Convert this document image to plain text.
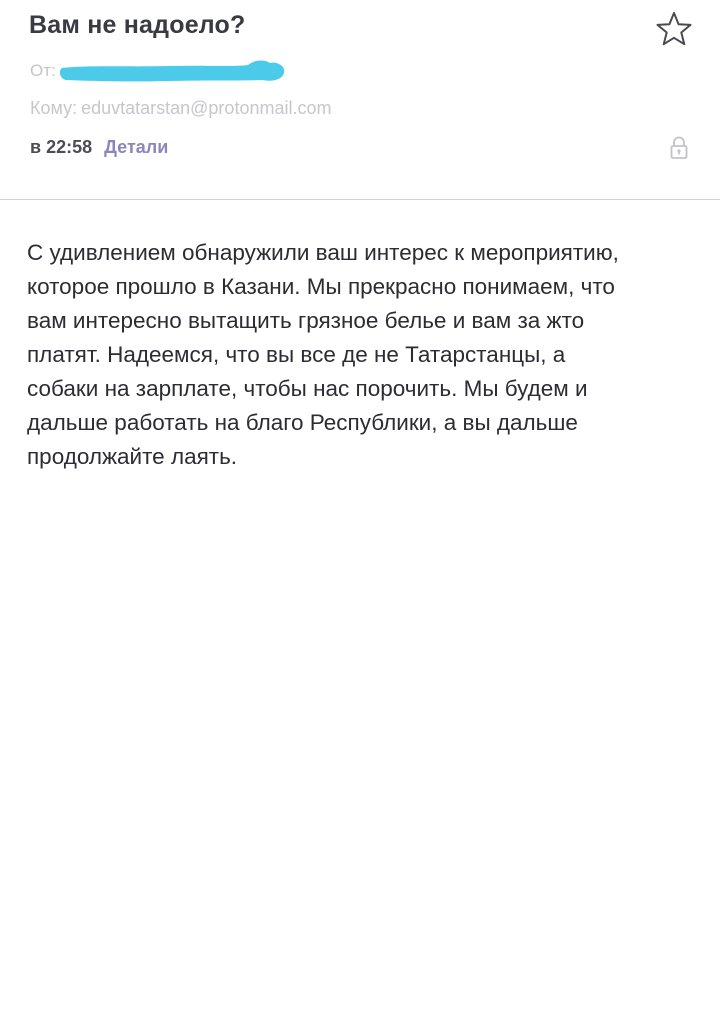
Вам не надоело?
От:
Кому: eduvtatarstan@protonmail.com
в 22:58 Детали

С удивлением обнаружили ваш интерес к мероприятию,
которое прошло в Казани. Мы прекрасно понимаем, что
вам интересно вытащить грязное белье и вам за жто
платят. Надеемся, что вы все де не Татарстанцы, а
собаки на зарплате, чтобы нас порочить. Мы будем и
дальше работать на благо Республики, а вы дальше
продолжайте лаять.
